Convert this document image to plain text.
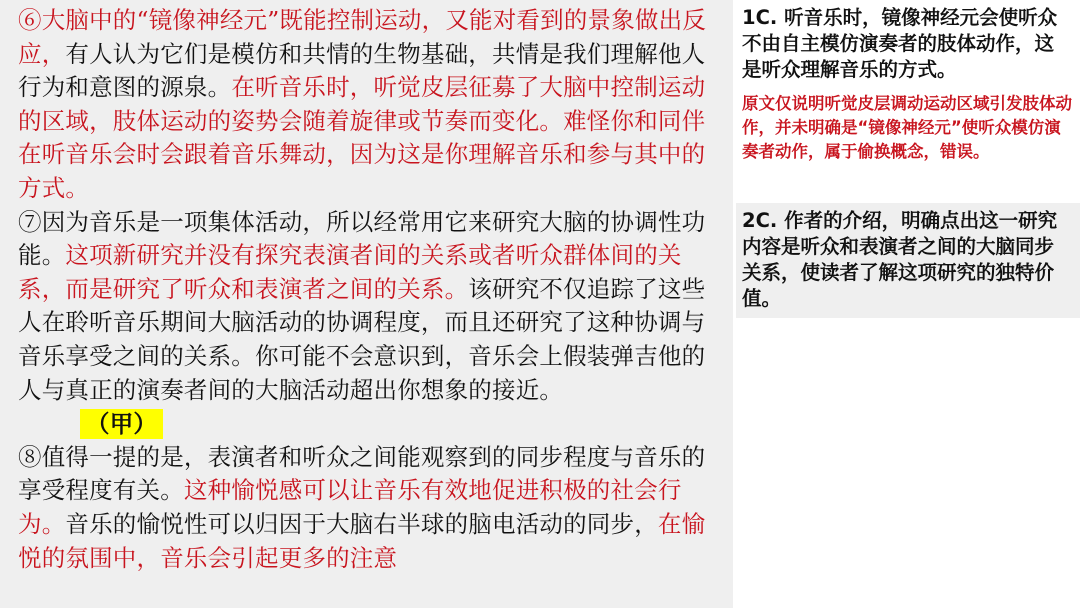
⑥大脑中的“镜像神经元”既能控制运动，又能对看到的景象做出反应，有人认为它们是模仿和共情的生物基础，共情是我们理解他人行为和意图的源泉。在听音乐时，听觉皮层征募了大脑中控制运动的区域，肢体运动的姿势会随着旋律或节奏而变化。难怪你和同伴在听音乐会时会跟着音乐舞动，因为这是你理解音乐和参与其中的方式。

⑦因为音乐是一项集体活动，所以经常用它来研究大脑的协调性功能。这项新研究并没有探究表演者间的关系或者听众群体间的关系，而是研究了听众和表演者之间的关系。该研究不仅追踪了这些人在聆听音乐期间大脑活动的协调程度，而且还研究了这种协调与音乐享受之间的关系。你可能不会意识到，音乐会上假装弹吉他的人与真正的演奏者间的大脑活动超出你想象的接近。

（甲）

⑧值得一提的是，表演者和听众之间能观察到的同步程度与音乐的享受程度有关。这种愉悦感可以让音乐有效地促进积极的社会行为。音乐的愉悦性可以归因于大脑右半球的脑电活动的同步，在愉悦的氛围中，音乐会引起更多的注意

1C. 听音乐时，镜像神经元会使听众不由自主模仿演奏者的肢体动作，这是听众理解音乐的方式。
原文仅说明听觉皮层调动运动区域引发肢体动作，并未明确是“镜像神经元”使听众模仿演奏者动作，属于偷换概念，错误。
2C. 作者的介绍，明确点出这一研究内容是听众和表演者之间的大脑同步关系，使读者了解这项研究的独特价值。
